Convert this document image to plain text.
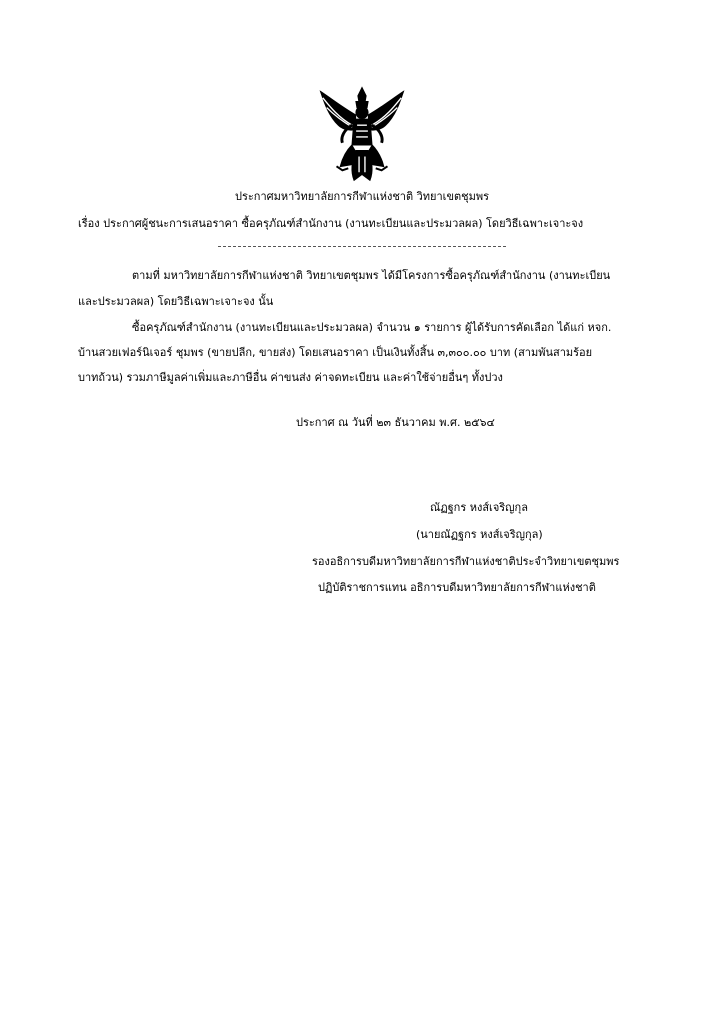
ประกาศมหาวิทยาลัยการกีฬาแห่งชาติ วิทยาเขตชุมพร
เรื่อง ประกาศผู้ชนะการเสนอราคา ซื้อครุภัณฑ์สำนักงาน (งานทะเบียนและประมวลผล) โดยวิธีเฉพาะเจาะจง
ตามที่ มหาวิทยาลัยการกีฬาแห่งชาติ วิทยาเขตชุมพร ได้มีโครงการซื้อครุภัณฑ์สำนักงาน (งานทะเบียน
และประมวลผล) โดยวิธีเฉพาะเจาะจง นั้น
ซื้อครุภัณฑ์สำนักงาน (งานทะเบียนและประมวลผล) จำนวน ๑ รายการ ผู้ได้รับการคัดเลือก ได้แก่ หจก.
บ้านสวยเฟอร์นิเจอร์ ชุมพร (ขายปลีก, ขายส่ง) โดยเสนอราคา เป็นเงินทั้งสิ้น ๓,๓๐๐.๐๐ บาท (สามพันสามร้อย
บาทถ้วน) รวมภาษีมูลค่าเพิ่มและภาษีอื่น ค่าขนส่ง ค่าจดทะเบียน และค่าใช้จ่ายอื่นๆ ทั้งปวง
ประกาศ ณ วันที่ ๒๓ ธันวาคม พ.ศ. ๒๕๖๔
ณัฏฐกร หงส์เจริญกุล
(นายณัฏฐกร หงส์เจริญกุล)
รองอธิการบดีมหาวิทยาลัยการกีฬาแห่งชาติประจำวิทยาเขตชุมพร
ปฏิบัติราชการแทน อธิการบดีมหาวิทยาลัยการกีฬาแห่งชาติ
